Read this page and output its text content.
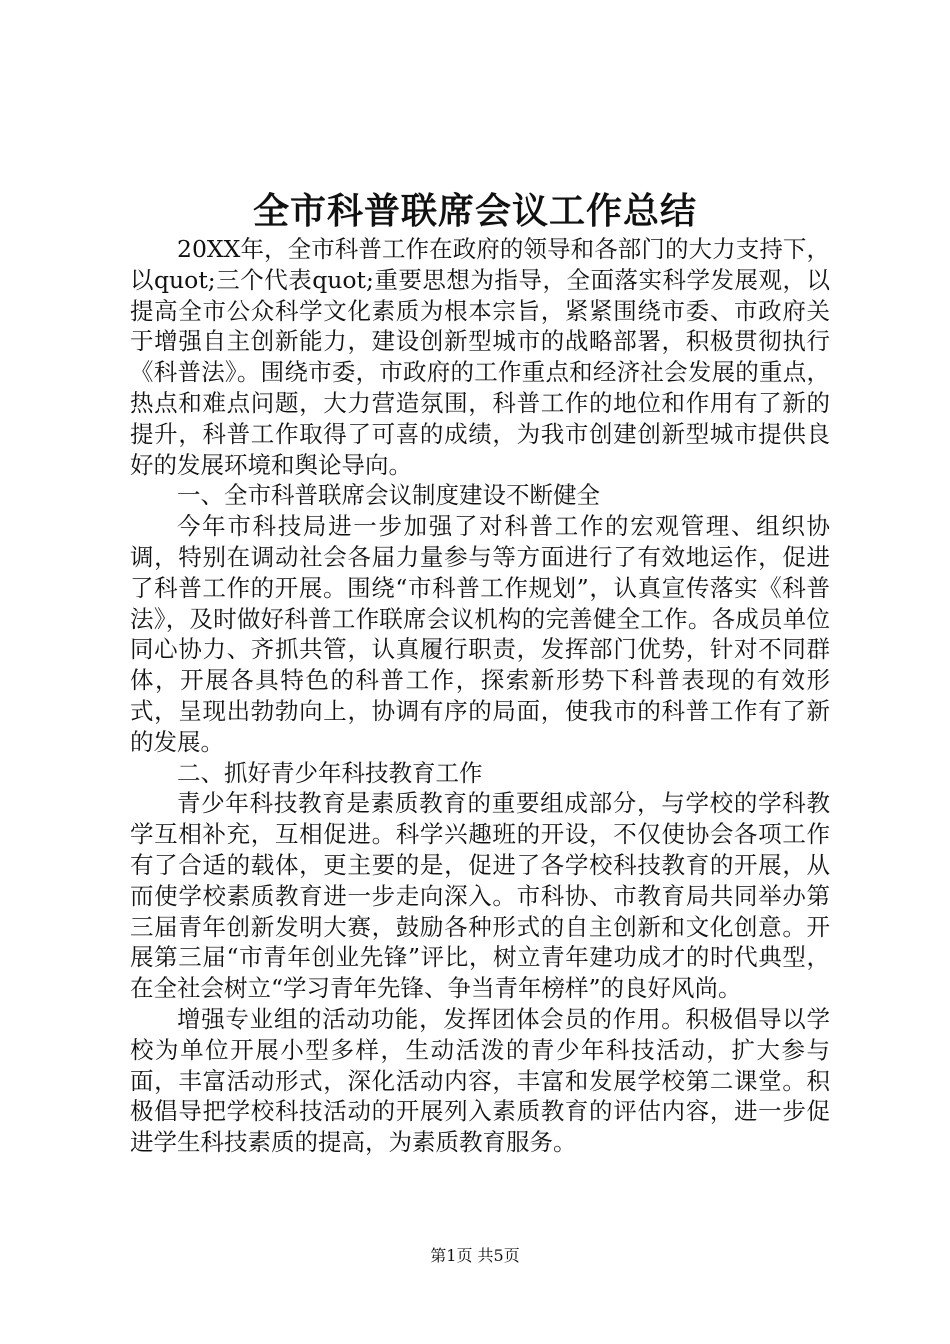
全市科普联席会议工作总结

20XX年，全市科普工作在政府的领导和各部门的大力支持下，以quot;三个代表quot;重要思想为指导，全面落实科学发展观，以提高全市公众科学文化素质为根本宗旨，紧紧围绕市委、市政府关于增强自主创新能力，建设创新型城市的战略部署，积极贯彻执行《科普法》。围绕市委，市政府的工作重点和经济社会发展的重点，热点和难点问题，大力营造氛围，科普工作的地位和作用有了新的提升，科普工作取得了可喜的成绩，为我市创建创新型城市提供良好的发展环境和舆论导向。

一、全市科普联席会议制度建设不断健全

今年市科技局进一步加强了对科普工作的宏观管理、组织协调，特别在调动社会各届力量参与等方面进行了有效地运作，促进了科普工作的开展。围绕“市科普工作规划”，认真宣传落实《科普法》，及时做好科普工作联席会议机构的完善健全工作。各成员单位同心协力、齐抓共管，认真履行职责，发挥部门优势，针对不同群体，开展各具特色的科普工作，探索新形势下科普表现的有效形式，呈现出勃勃向上，协调有序的局面，使我市的科普工作有了新的发展。

二、抓好青少年科技教育工作

青少年科技教育是素质教育的重要组成部分，与学校的学科教学互相补充，互相促进。科学兴趣班的开设，不仅使协会各项工作有了合适的载体，更主要的是，促进了各学校科技教育的开展，从而使学校素质教育进一步走向深入。市科协、市教育局共同举办第三届青年创新发明大赛，鼓励各种形式的自主创新和文化创意。开展第三届“市青年创业先锋”评比，树立青年建功成才的时代典型，在全社会树立“学习青年先锋、争当青年榜样”的良好风尚。

增强专业组的活动功能，发挥团体会员的作用。积极倡导以学校为单位开展小型多样，生动活泼的青少年科技活动，扩大参与面，丰富活动形式，深化活动内容，丰富和发展学校第二课堂。积极倡导把学校科技活动的开展列入素质教育的评估内容，进一步促进学生科技素质的提高，为素质教育服务。

第1页 共5页
